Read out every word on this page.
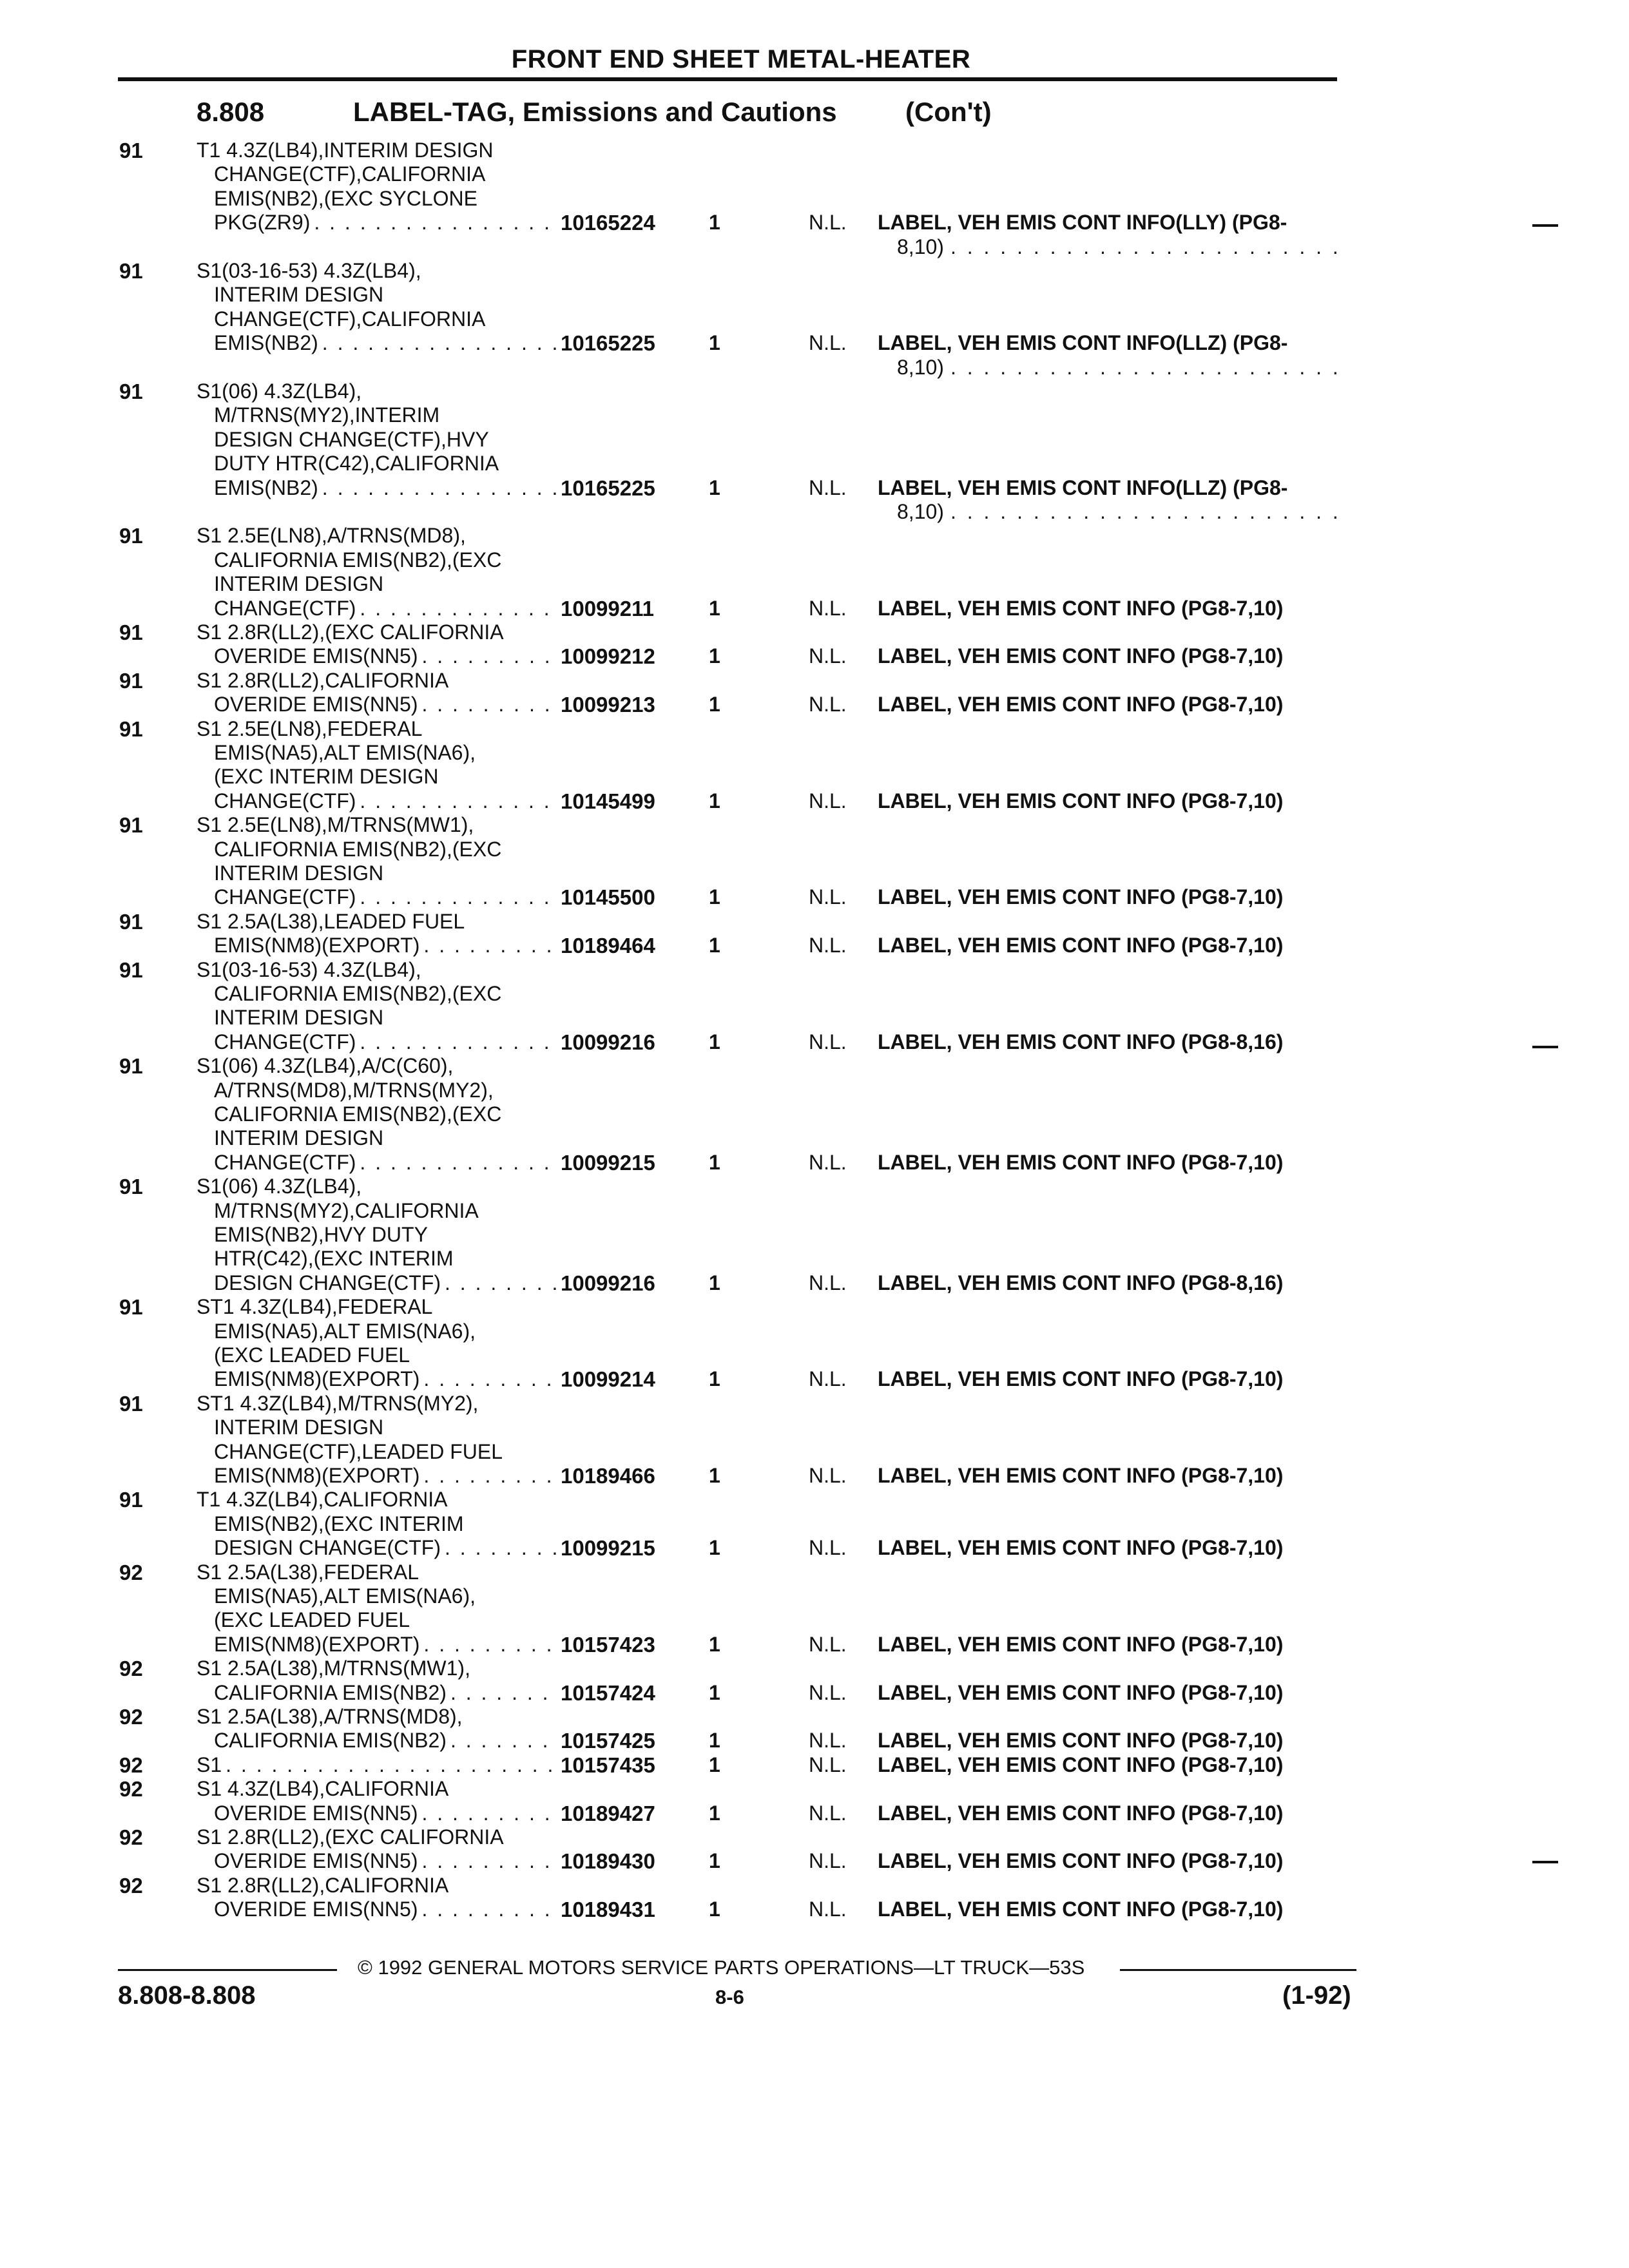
FRONT END SHEET METAL-HEATER
8.808	LABEL-TAG, Emissions and Cautions	(Con't)
91	T1 4.3Z(LB4),INTERIM DESIGN
CHANGE(CTF),CALIFORNIA
EMIS(NB2),(EXC SYCLONE
PKG(ZR9) . . .	10165224	1	N.L.	LABEL, VEH EMIS CONT INFO(LLY) (PG8-
8,10)
. . .
91	S1(03-16-53) 4.3Z(LB4),
INTERIM DESIGN
CHANGE(CTF),CALIFORNIA
EMIS(NB2) . . .	10165225	1	N.L.	LABEL, VEH EMIS CONT INFO(LLZ) (PG8-
8,10)
. . .
91	S1(06) 4.3Z(LB4),
M/TRNS(MY2),INTERIM
DESIGN CHANGE(CTF),HVY
DUTY HTR(C42),CALIFORNIA
EMIS(NB2) . . .	10165225	1	N.L.	LABEL, VEH EMIS CONT INFO(LLZ) (PG8-
8,10)
. . .
91	S1 2.5E(LN8),A/TRNS(MD8),
CALIFORNIA EMIS(NB2),(EXC
INTERIM DESIGN
CHANGE(CTF) . . .	10099211	1	N.L.	LABEL, VEH EMIS CONT INFO (PG8-7,10)
91	S1 2.8R(LL2),(EXC CALIFORNIA
OVERIDE EMIS(NN5) . . .	10099212	1	N.L.	LABEL, VEH EMIS CONT INFO (PG8-7,10)
91	S1 2.8R(LL2),CALIFORNIA
OVERIDE EMIS(NN5) . . .	10099213	1	N.L.	LABEL, VEH EMIS CONT INFO (PG8-7,10)
91	S1 2.5E(LN8),FEDERAL
EMIS(NA5),ALT EMIS(NA6),
(EXC INTERIM DESIGN
CHANGE(CTF) . . .	10145499	1	N.L.	LABEL, VEH EMIS CONT INFO (PG8-7,10)
91	S1 2.5E(LN8),M/TRNS(MW1),
CALIFORNIA EMIS(NB2),(EXC
INTERIM DESIGN
CHANGE(CTF) . . .	10145500	1	N.L.	LABEL, VEH EMIS CONT INFO (PG8-7,10)
91	S1 2.5A(L38),LEADED FUEL
EMIS(NM8)(EXPORT) . . .	10189464	1	N.L.	LABEL, VEH EMIS CONT INFO (PG8-7,10)
91	S1(03-16-53) 4.3Z(LB4),
CALIFORNIA EMIS(NB2),(EXC
INTERIM DESIGN
CHANGE(CTF) . . .	10099216	1	N.L.	LABEL, VEH EMIS CONT INFO (PG8-8,16)
91	S1(06) 4.3Z(LB4),A/C(C60),
A/TRNS(MD8),M/TRNS(MY2),
CALIFORNIA EMIS(NB2),(EXC
INTERIM DESIGN
CHANGE(CTF) . . .	10099215	1	N.L.	LABEL, VEH EMIS CONT INFO (PG8-7,10)
91	S1(06) 4.3Z(LB4),
M/TRNS(MY2),CALIFORNIA
EMIS(NB2),HVY DUTY
HTR(C42),(EXC INTERIM
DESIGN CHANGE(CTF) . . .	10099216	1	N.L.	LABEL, VEH EMIS CONT INFO (PG8-8,16)
91	ST1 4.3Z(LB4),FEDERAL
EMIS(NA5),ALT EMIS(NA6),
(EXC LEADED FUEL
EMIS(NM8)(EXPORT) . . .	10099214	1	N.L.	LABEL, VEH EMIS CONT INFO (PG8-7,10)
91	ST1 4.3Z(LB4),M/TRNS(MY2),
INTERIM DESIGN
CHANGE(CTF),LEADED FUEL
EMIS(NM8)(EXPORT) . . .	10189466	1	N.L.	LABEL, VEH EMIS CONT INFO (PG8-7,10)
91	T1 4.3Z(LB4),CALIFORNIA
EMIS(NB2),(EXC INTERIM
DESIGN CHANGE(CTF) . . .	10099215	1	N.L.	LABEL, VEH EMIS CONT INFO (PG8-7,10)
92	S1 2.5A(L38),FEDERAL
EMIS(NA5),ALT EMIS(NA6),
(EXC LEADED FUEL
EMIS(NM8)(EXPORT) . . .	10157423	1	N.L.	LABEL, VEH EMIS CONT INFO (PG8-7,10)
92	S1 2.5A(L38),M/TRNS(MW1),
CALIFORNIA EMIS(NB2) . . .	10157424	1	N.L.	LABEL, VEH EMIS CONT INFO (PG8-7,10)
92	S1 2.5A(L38),A/TRNS(MD8),
CALIFORNIA EMIS(NB2) . . .	10157425	1	N.L.	LABEL, VEH EMIS CONT INFO (PG8-7,10)
92	S1 . . .	10157435	1	N.L.	LABEL, VEH EMIS CONT INFO (PG8-7,10)
92	S1 4.3Z(LB4),CALIFORNIA
OVERIDE EMIS(NN5) . . .	10189427	1	N.L.	LABEL, VEH EMIS CONT INFO (PG8-7,10)
92	S1 2.8R(LL2),(EXC CALIFORNIA
OVERIDE EMIS(NN5) . . .	10189430	1	N.L.	LABEL, VEH EMIS CONT INFO (PG8-7,10)
92	S1 2.8R(LL2),CALIFORNIA
OVERIDE EMIS(NN5) . . .	10189431	1	N.L.	LABEL, VEH EMIS CONT INFO (PG8-7,10)
© 1992 GENERAL MOTORS SERVICE PARTS OPERATIONS—LT TRUCK—53S
8.808-8.808	8-6	(1-92)
